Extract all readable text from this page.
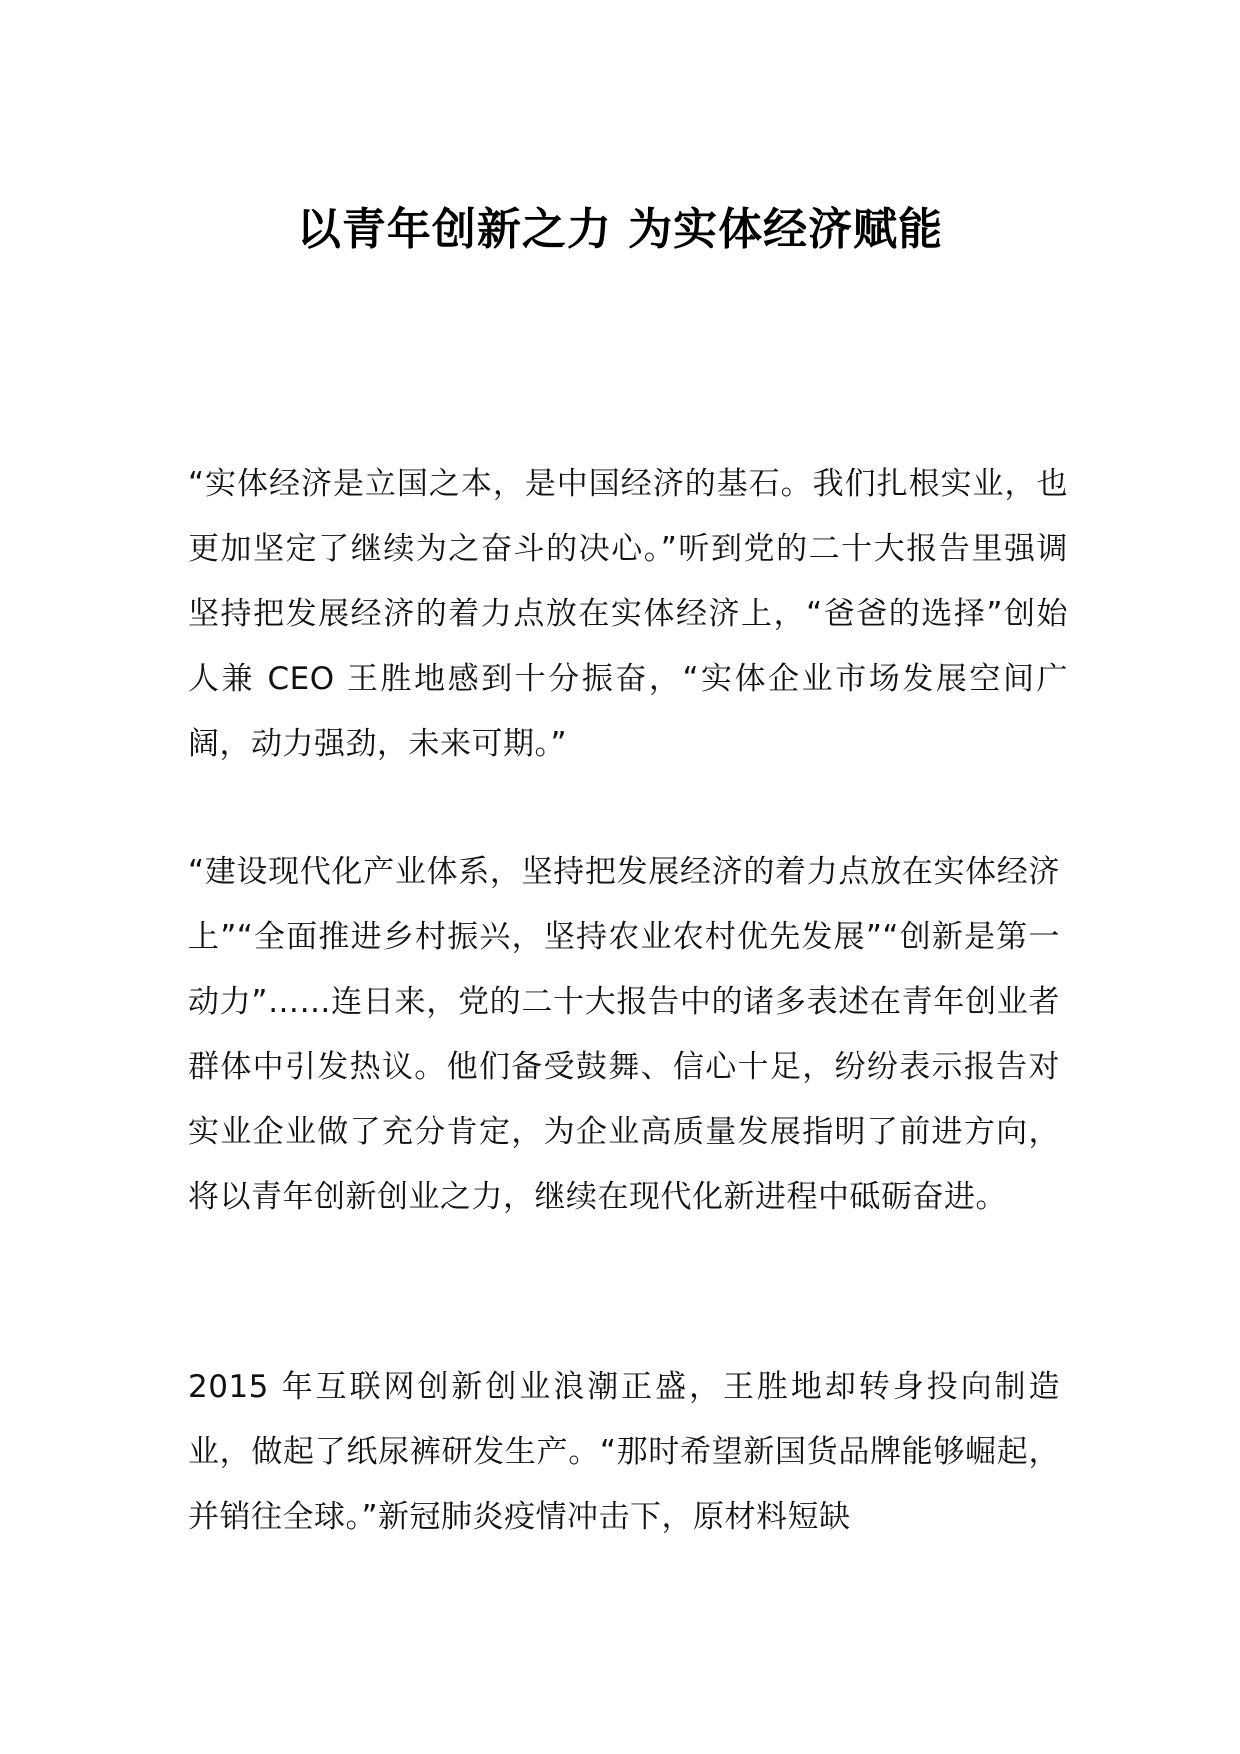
以青年创新之力 为实体经济赋能

“实体经济是立国之本，是中国经济的基石。我们扎根实业，也更加坚定了继续为之奋斗的决心。”听到党的二十大报告里强调坚持把发展经济的着力点放在实体经济上，“爸爸的选择”创始人兼 CEO 王胜地感到十分振奋，“实体企业市场发展空间广阔，动力强劲，未来可期。”

“建设现代化产业体系，坚持把发展经济的着力点放在实体经济上”“全面推进乡村振兴，坚持农业农村优先发展”“创新是第一动力”……连日来，党的二十大报告中的诸多表述在青年创业者群体中引发热议。他们备受鼓舞、信心十足，纷纷表示报告对实业企业做了充分肯定，为企业高质量发展指明了前进方向，将以青年创新创业之力，继续在现代化新进程中砥砺奋进。

2015 年互联网创新创业浪潮正盛，王胜地却转身投向制造业，做起了纸尿裤研发生产。“那时希望新国货品牌能够崛起，并销往全球。”新冠肺炎疫情冲击下，原材料短缺
